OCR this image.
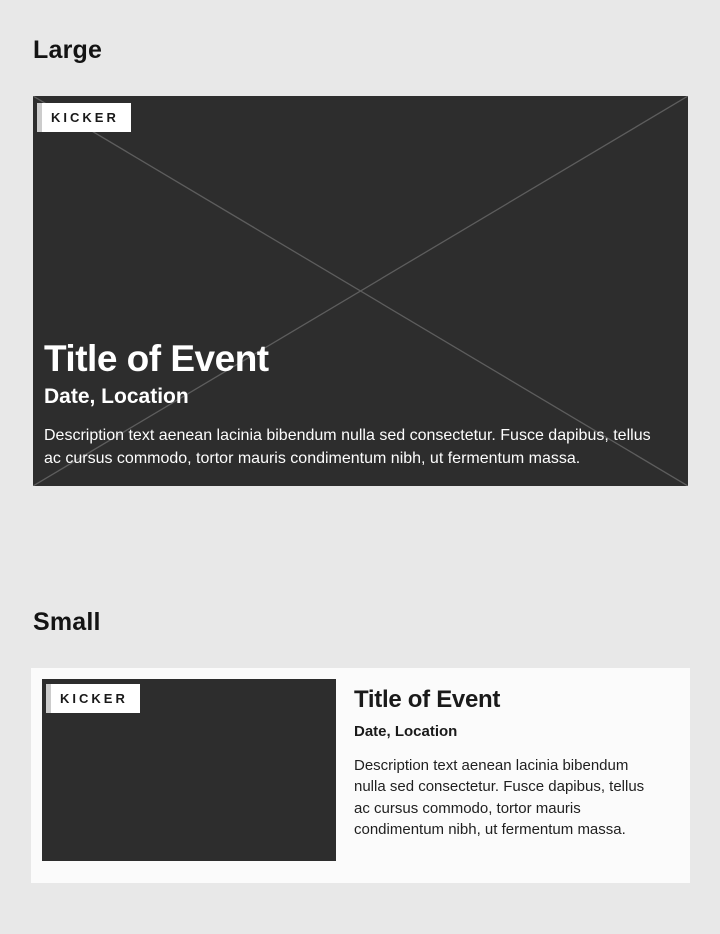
Large
KICKER
Title of Event
Date, Location
Description text aenean lacinia bibendum nulla sed consectetur. Fusce dapibus, tellus ac cursus commodo, tortor mauris condimentum nibh, ut fermentum massa.
Small
KICKER	Title of Event
Date, Location
Description text aenean lacinia bibendum nulla sed consectetur. Fusce dapibus, tellus ac cursus commodo, tortor mauris condimentum nibh, ut fermentum massa.
